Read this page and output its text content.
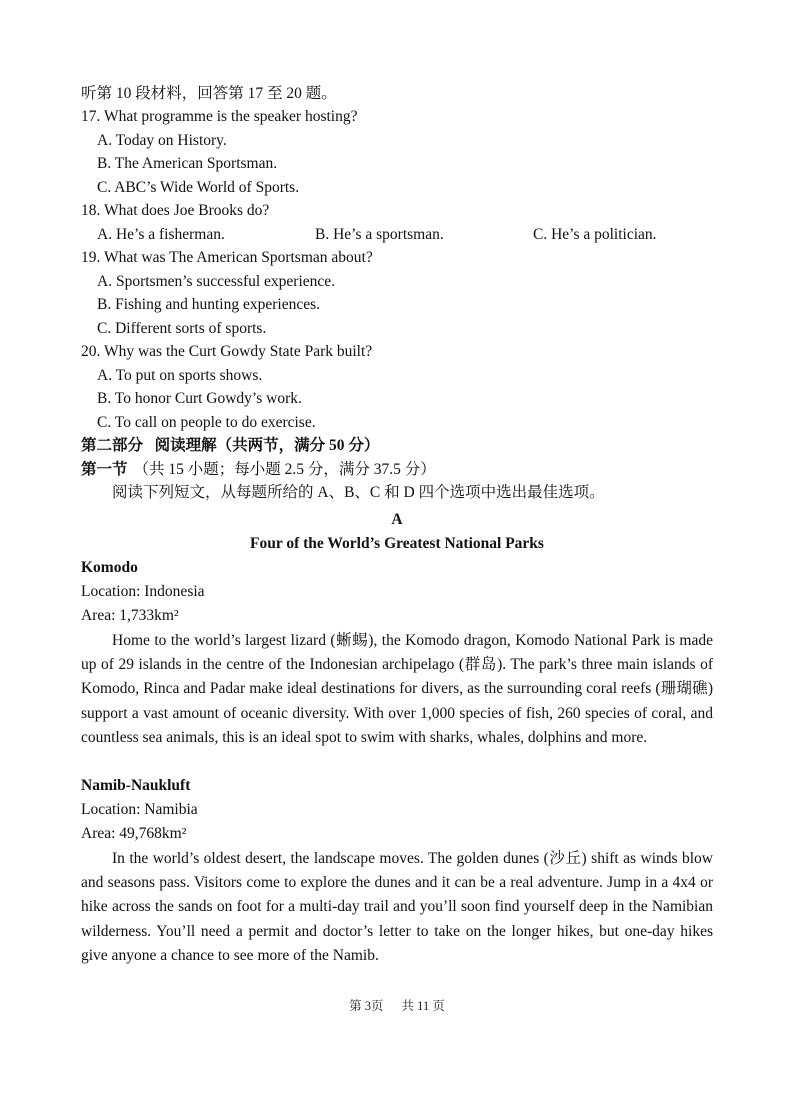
听第 10 段材料，回答第 17 至 20 题。
17. What programme is the speaker hosting?
A. Today on History.
B. The American Sportsman.
C. ABC’s Wide World of Sports.
18. What does Joe Brooks do?
A. He’s a fisherman.	B. He’s a sportsman.	C. He’s a politician.
19. What was The American Sportsman about?
A. Sportsmen’s successful experience.
B. Fishing and hunting experiences.
C. Different sorts of sports.
20. Why was the Curt Gowdy State Park built?
A. To put on sports shows.
B. To honor Curt Gowdy’s work.
C. To call on people to do exercise.
第二部分   阅读理解（共两节，满分 50 分）
第一节 （共 15 小题；每小题 2.5 分，满分 37.5 分）
阅读下列短文，从每题所给的 A、B、C 和 D 四个选项中选出最佳选项。
A
Four of the World’s Greatest National Parks
Komodo
Location: Indonesia
Area: 1,733km²
Home to the world’s largest lizard (蜥蜴), the Komodo dragon, Komodo National Park is made up of 29 islands in the centre of the Indonesian archipelago (群岛). The park’s three main islands of Komodo, Rinca and Padar make ideal destinations for divers, as the surrounding coral reefs (珊瑚礁) support a vast amount of oceanic diversity. With over 1,000 species of fish, 260 species of coral, and countless sea animals, this is an ideal spot to swim with sharks, whales, dolphins and more.
Namib-Naukluft
Location: Namibia
Area: 49,768km²
In the world’s oldest desert, the landscape moves. The golden dunes (沙丘) shift as winds blow and seasons pass. Visitors come to explore the dunes and it can be a real adventure. Jump in a 4x4 or hike across the sands on foot for a multi-day trail and you’ll soon find yourself deep in the Namibian wilderness. You’ll need a permit and doctor’s letter to take on the longer hikes, but one-day hikes give anyone a chance to see more of the Namib.
第 3页 共 11 页
